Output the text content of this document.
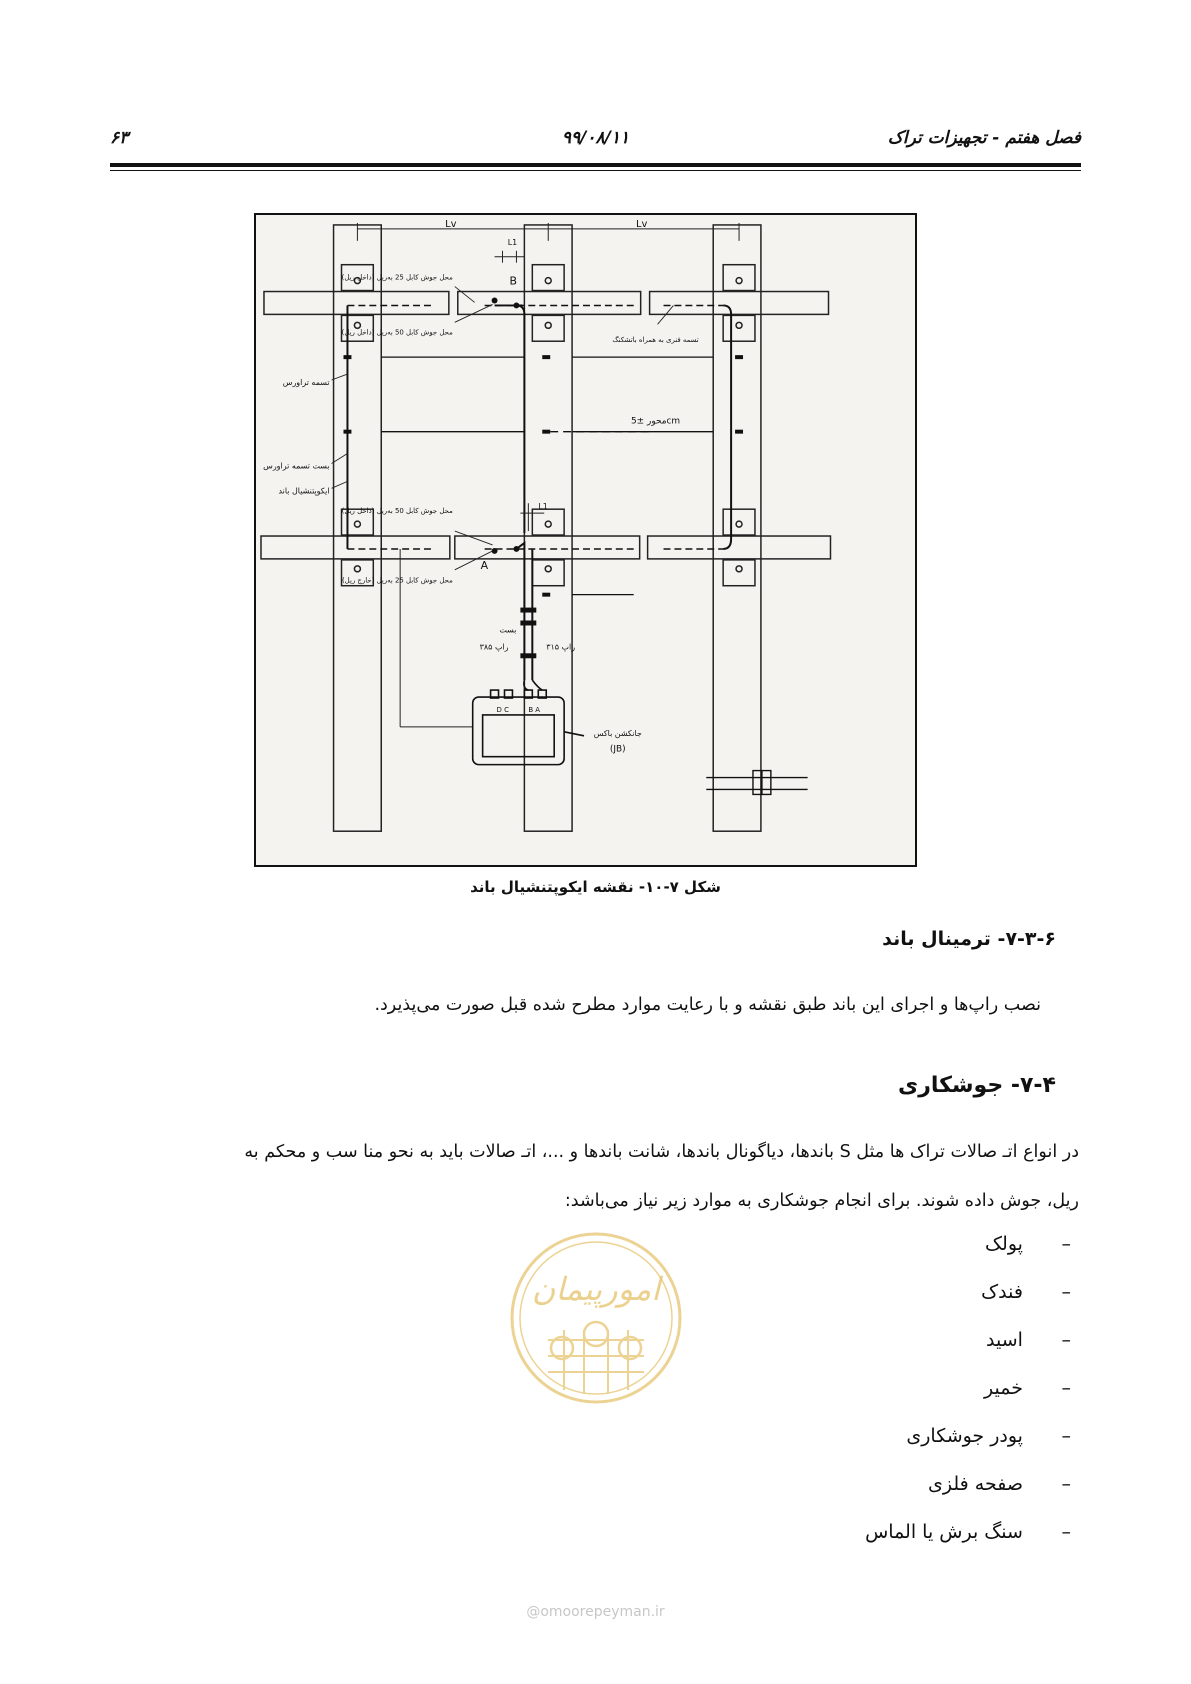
فصل هفتم - تجهیزات تراک
۹۹/۰۸/۱۱
۶۳
Lv	Lv
L1
L1
B
A
محل جوش کابل 25 به‌ریل (داخل ریل)
محل جوش کابل 50 به‌ریل (داخل ریل)
تسمه فنری به همراه باتشکنگ
تسمه تراورس
محور ±5cm
بست تسمه تراورس
ایکوپتنشیال باند
محل جوش کابل 50 به‌ریل (داخل ریل)
محل جوش کابل 25 به‌ریل (خارج ریل)
بست
راپ ۳۸۵	راپ ۳۱۵
جانکشن باکس
(JB)
D C	B A
شکل ۷-۱۰- نقشه ایکوپتنشیال باند
۷-۳-۶- ترمینال باند
نصب راپ‌ها و اجرای این باند طبق نقشه و با رعایت موارد مطرح شده قبل صورت می‌پذیرد.
۷-۴- جوشکاری
در انواع اتـ صالات تراک ها مثل S باندها، دیاگونال باندها، شانت باندها و ...، اتـ صالات باید به نحو منا سب و محکم به
ریل، جوش داده شوند. برای انجام جوشکاری به موارد زیر نیاز می‌باشد:
– پولک
– فندک
– اسید
– خمیر
– پودر جوشکاری
– صفحه فلزی
– سنگ برش یا الماس
امورپیمان
@omoorepeyman.ir
